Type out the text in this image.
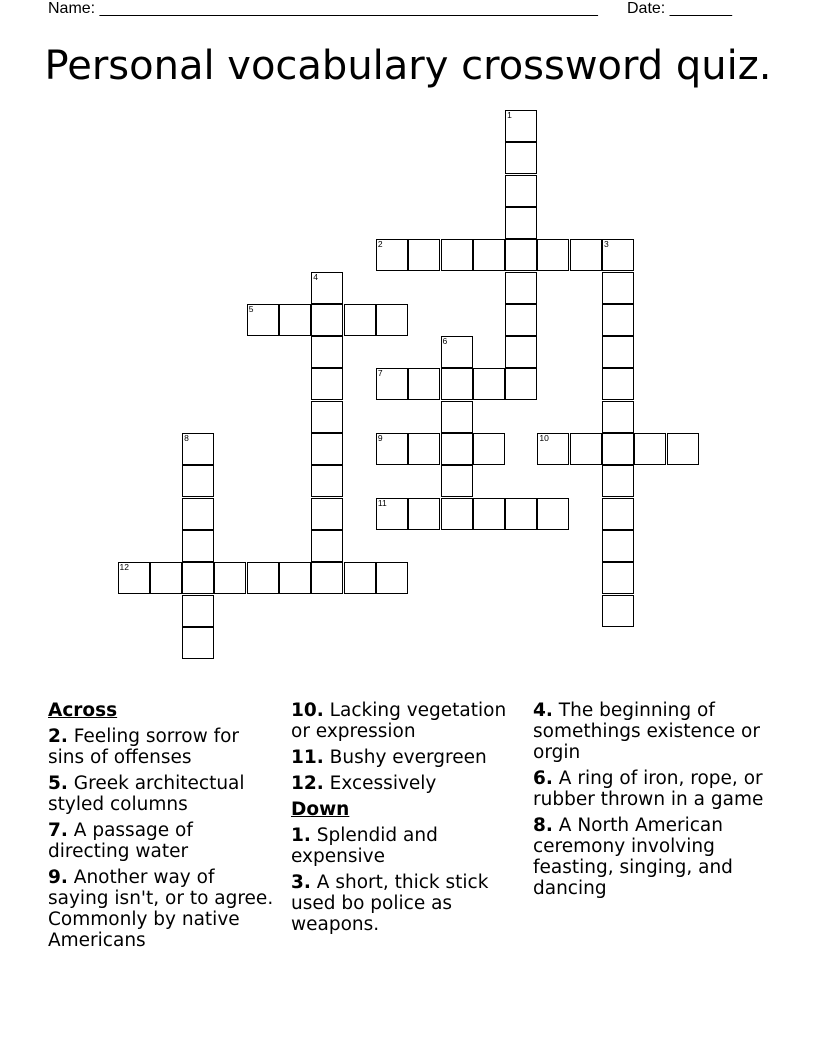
Name: ________________________________________________________ Date: _______
Personal vocabulary crossword quiz.
1
2	3
4
5
6
7
8	9	10
11
12
Across
2. Feeling sorrow for sins of offenses
5. Greek architectual styled columns
7. A passage of directing water
9. Another way of saying isn't, or to agree. Commonly by native Americans
10. Lacking vegetation or expression
11. Bushy evergreen
12. Excessively
Down
1. Splendid and expensive
3. A short, thick stick used bo police as weapons.
4. The beginning of somethings existence or orgin
6. A ring of iron, rope, or rubber thrown in a game
8. A North American ceremony involving feasting, singing, and dancing
